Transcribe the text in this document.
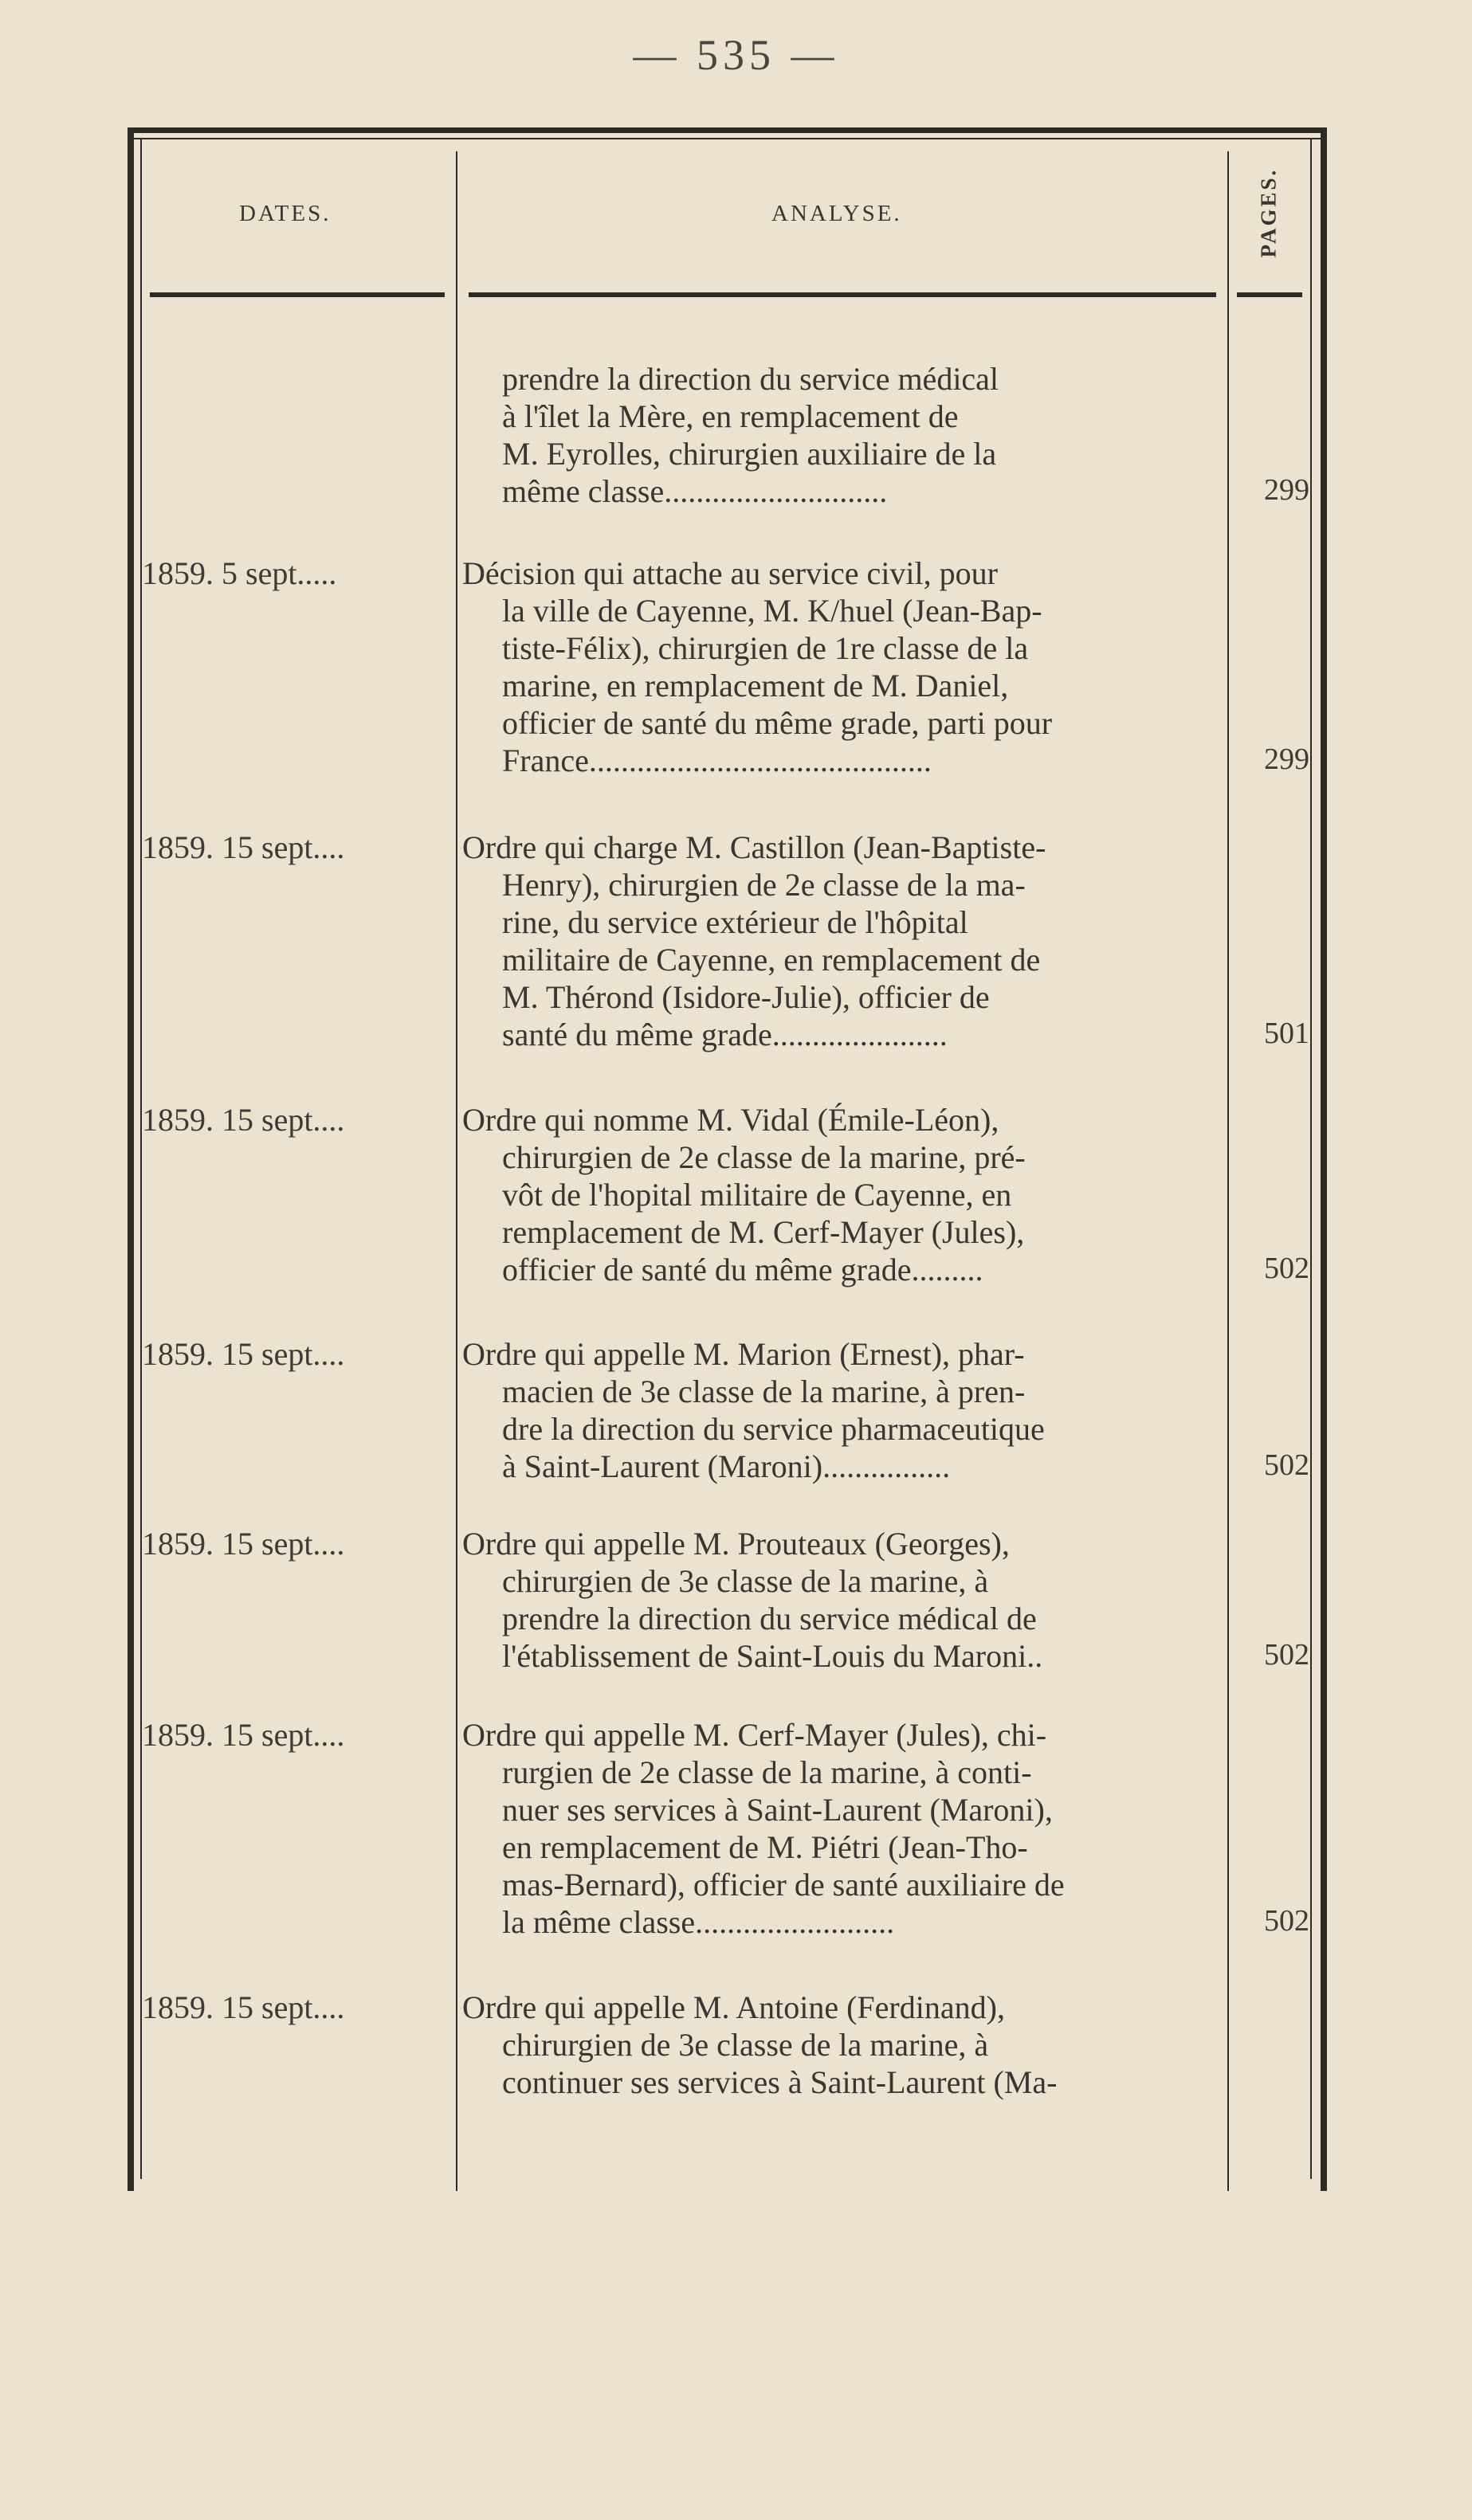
— 535 —
DATES.	ANALYSE.	PAGES.
prendre la direction du service médical
à l'îlet la Mère, en remplacement de
M. Eyrolles, chirurgien auxiliaire de la
même classe............................	299
1859. 5 sept.....	Décision qui attache au service civil, pour
la ville de Cayenne, M. K/huel (Jean-Bap-
tiste-Félix), chirurgien de 1re classe de la
marine, en remplacement de M. Daniel,
officier de santé du même grade, parti pour
France...........................................	299
1859. 15 sept....	Ordre qui charge M. Castillon (Jean-Baptiste-
Henry), chirurgien de 2e classe de la ma-
rine, du service extérieur de l'hôpital
militaire de Cayenne, en remplacement de
M. Thérond (Isidore-Julie), officier de
santé du même grade......................	501
1859. 15 sept....	Ordre qui nomme M. Vidal (Émile-Léon),
chirurgien de 2e classe de la marine, pré-
vôt de l'hopital militaire de Cayenne, en
remplacement de M. Cerf-Mayer (Jules),
officier de santé du même grade.........	502
1859. 15 sept....	Ordre qui appelle M. Marion (Ernest), phar-
macien de 3e classe de la marine, à pren-
dre la direction du service pharmaceutique
à Saint-Laurent (Maroni)................	502
1859. 15 sept....	Ordre qui appelle M. Prouteaux (Georges),
chirurgien de 3e classe de la marine, à
prendre la direction du service médical de
l'établissement de Saint-Louis du Maroni..	502
1859. 15 sept....	Ordre qui appelle M. Cerf-Mayer (Jules), chi-
rurgien de 2e classe de la marine, à conti-
nuer ses services à Saint-Laurent (Maroni),
en remplacement de M. Piétri (Jean-Tho-
mas-Bernard), officier de santé auxiliaire de
la même classe.........................	502
1859. 15 sept....	Ordre qui appelle M. Antoine (Ferdinand),
chirurgien de 3e classe de la marine, à
continuer ses services à Saint-Laurent (Ma-
